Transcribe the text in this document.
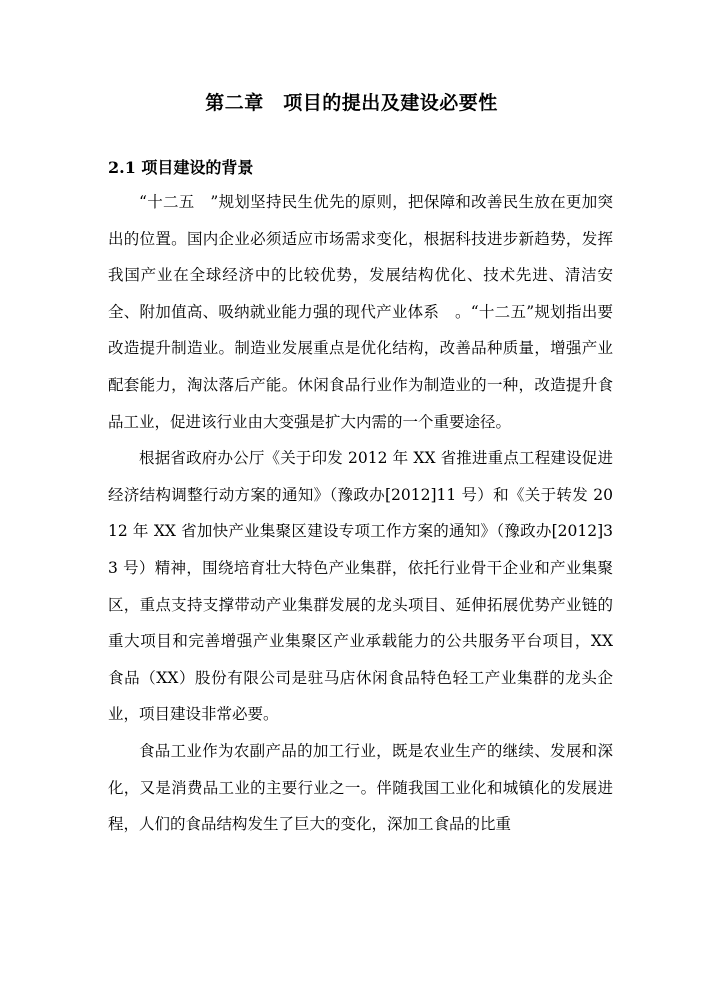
第二章　项目的提出及建设必要性
2.1 项目建设的背景

“十二五　”规划坚持民生优先的原则，把保障和改善民生放在更加突出的位置。国内企业必须适应市场需求变化，根据科技进步新趋势，发挥我国产业在全球经济中的比较优势，发展结构优化、技术先进、清洁安全、附加值高、吸纳就业能力强的现代产业体系　。“十二五”规划指出要改造提升制造业。制造业发展重点是优化结构，改善品种质量，增强产业配套能力，淘汰落后产能。休闲食品行业作为制造业的一种，改造提升食品工业，促进该行业由大变强是扩大内需的一个重要途径。

根据省政府办公厅《关于印发 2012 年 XX 省推进重点工程建设促进经济结构调整行动方案的通知》（豫政办[2012]11 号）和《关于转发 2012 年 XX 省加快产业集聚区建设专项工作方案的通知》（豫政办[2012]33 号）精神，围绕培育壮大特色产业集群，依托行业骨干企业和产业集聚区，重点支持支撑带动产业集群发展的龙头项目、延伸拓展优势产业链的重大项目和完善增强产业集聚区产业承载能力的公共服务平台项目，XX 食品（XX）股份有限公司是驻马店休闲食品特色轻工产业集群的龙头企业，项目建设非常必要。

食品工业作为农副产品的加工行业，既是农业生产的继续、发展和深化，又是消费品工业的主要行业之一。伴随我国工业化和城镇化的发展进程，人们的食品结构发生了巨大的变化，深加工食品的比重
